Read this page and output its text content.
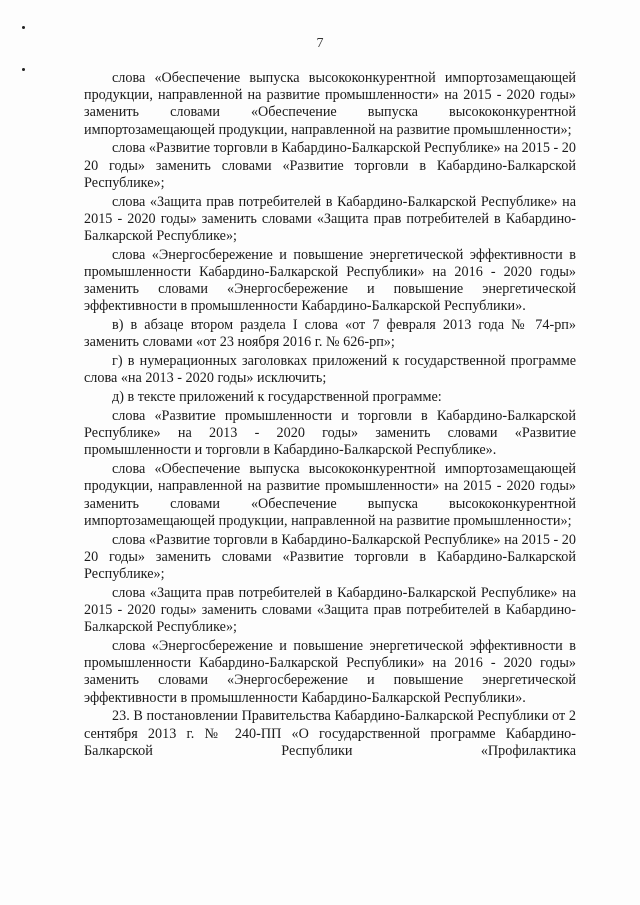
7

слова «Обеспечение выпуска высококонкурентной импортозамещающей продукции, направленной на развитие промышленности» на 2015 - 2020 годы» заменить словами «Обеспечение выпуска высококонкурентной импортозамещающей продукции, направленной на развитие промышленности»;

слова «Развитие торговли в Кабардино-Балкарской Республике» на 2015 - 20 20 годы» заменить словами «Развитие торговли в Кабардино-Балкарской Республике»;

слова «Защита прав потребителей в Кабардино-Балкарской Республике» на 2015 - 2020 годы» заменить словами «Защита прав потребителей в Кабардино-Балкарской Республике»;

слова «Энергосбережение и повышение энергетической эффективности в промышленности Кабардино-Балкарской Республики» на 2016 - 2020 годы» заменить словами «Энергосбережение и повышение энергетической эффективности в промышленности Кабардино-Балкарской Республики».

в) в абзаце втором раздела I слова «от 7 февраля 2013 года № 74-рп» заменить словами «от 23 ноября 2016 г. № 626-рп»;

г) в нумерационных заголовках приложений к государственной программе слова «на 2013 - 2020 годы» исключить;

д) в тексте приложений к государственной программе:

слова «Развитие промышленности и торговли в Кабардино-Балкарской Республике» на 2013 - 2020 годы» заменить словами «Развитие промышленности и торговли в Кабардино-Балкарской Республике».

слова «Обеспечение выпуска высококонкурентной импортозамещающей продукции, направленной на развитие промышленности» на 2015 - 2020 годы» заменить словами «Обеспечение выпуска высококонкурентной импортозамещающей продукции, направленной на развитие промышленности»;

слова «Развитие торговли в Кабардино-Балкарской Республике» на 2015 - 20 20 годы» заменить словами «Развитие торговли в Кабардино-Балкарской Республике»;

слова «Защита прав потребителей в Кабардино-Балкарской Республике» на 2015 - 2020 годы» заменить словами «Защита прав потребителей в Кабардино-Балкарской Республике»;

слова «Энергосбережение и повышение энергетической эффективности в промышленности Кабардино-Балкарской Республики» на 2016 - 2020 годы» заменить словами «Энергосбережение и повышение энергетической эффективности в промышленности Кабардино-Балкарской Республики».

23. В постановлении Правительства Кабардино-Балкарской Республики от 2 сентября 2013 г. № 240-ПП «О государственной программе Кабардино-Балкарской Республики «Профилактика
